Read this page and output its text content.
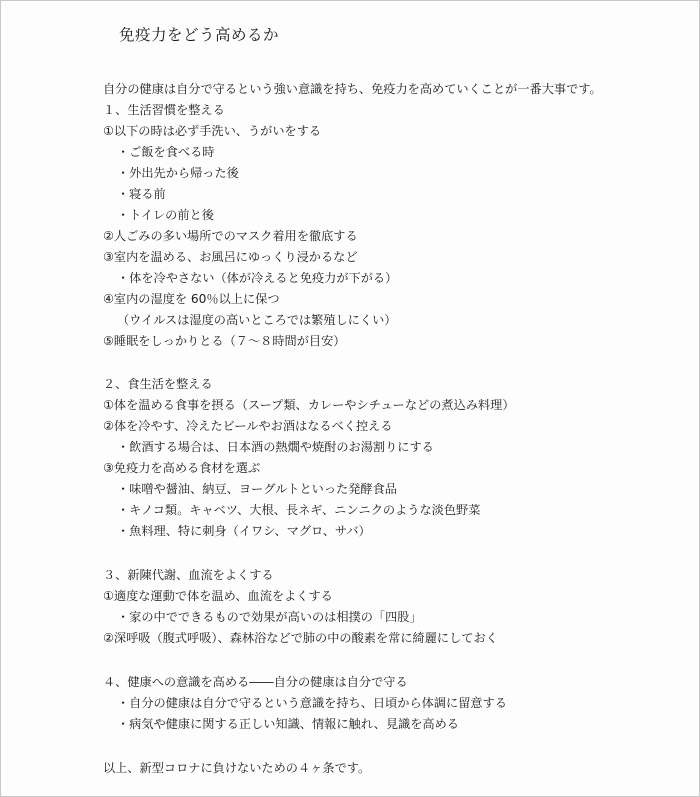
免疫力をどう高めるか
自分の健康は自分で守るという強い意識を持ち、免疫力を高めていくことが一番大事です。
１、生活習慣を整える
①以下の時は必ず手洗い、うがいをする
・ご飯を食べる時
・外出先から帰った後
・寝る前
・トイレの前と後
②人ごみの多い場所でのマスク着用を徹底する
③室内を温める、お風呂にゆっくり浸かるなど
・体を冷やさない（体が冷えると免疫力が下がる）
④室内の湿度を 60％以上に保つ
（ウイルスは湿度の高いところでは繁殖しにくい）
⑤睡眠をしっかりとる（７～８時間が目安）
２、食生活を整える
①体を温める食事を摂る（スープ類、カレーやシチューなどの煮込み料理）
②体を冷やす、冷えたビールやお酒はなるべく控える
・飲酒する場合は、日本酒の熱燗や焼酎のお湯割りにする
③免疫力を高める食材を選ぶ
・味噌や醤油、納豆、ヨーグルトといった発酵食品
・キノコ類。キャベツ、大根、長ネギ、ニンニクのような淡色野菜
・魚料理、特に刺身（イワシ、マグロ、サバ）
３、新陳代謝、血流をよくする
①適度な運動で体を温め、血流をよくする
・家の中でできるもので効果が高いのは相撲の「四股」
②深呼吸（腹式呼吸）、森林浴などで肺の中の酸素を常に綺麗にしておく
４、健康への意識を高める――自分の健康は自分で守る
・自分の健康は自分で守るという意識を持ち、日頃から体調に留意する
・病気や健康に関する正しい知識、情報に触れ、見識を高める
以上、新型コロナに負けないための４ヶ条です。
